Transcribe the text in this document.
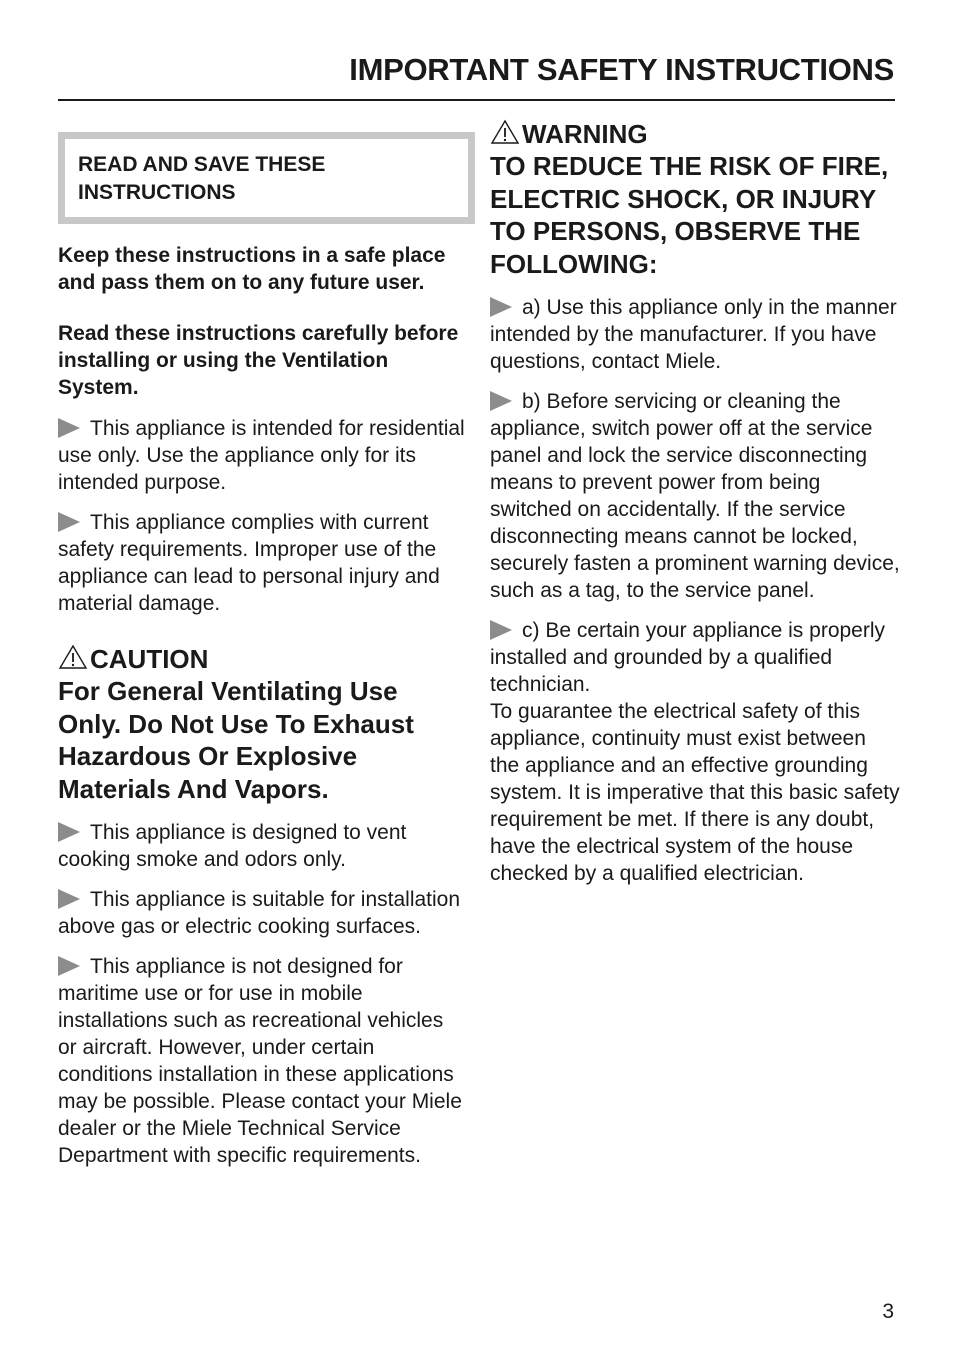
IMPORTANT SAFETY INSTRUCTIONS
READ AND SAVE THESE
INSTRUCTIONS

Keep these instructions in a safe place and pass them on to any future user.

Read these instructions carefully before installing or using the Ventilation System.

This appliance is intended for residential use only. Use the appliance only for its intended purpose.

This appliance complies with current safety requirements. Improper use of the appliance can lead to personal injury and material damage.

CAUTION

For General Ventilating Use Only. Do Not Use To Exhaust Hazardous Or Explosive Materials And Vapors.

This appliance is designed to vent cooking smoke and odors only.

This appliance is suitable for installation above gas or electric cooking surfaces.

This appliance is not designed for maritime use or for use in mobile installations such as recreational vehicles or aircraft. However, under certain conditions installation in these applications may be possible. Please contact your Miele dealer or the Miele Technical Service Department with specific requirements.

WARNING

TO REDUCE THE RISK OF FIRE, ELECTRIC SHOCK, OR INJURY TO PERSONS, OBSERVE THE FOLLOWING:

a) Use this appliance only in the manner intended by the manufacturer. If you have questions, contact Miele.

b) Before servicing or cleaning the appliance, switch power off at the service panel and lock the service disconnecting means to prevent power from being switched on accidentally. If the service disconnecting means cannot be locked, securely fasten a prominent warning device, such as a tag, to the service panel.

c) Be certain your appliance is properly installed and grounded by a qualified technician.

To guarantee the electrical safety of this appliance, continuity must exist between the appliance and an effective grounding system. It is imperative that this basic safety requirement be met. If there is any doubt, have the electrical system of the house checked by a qualified electrician.

3
